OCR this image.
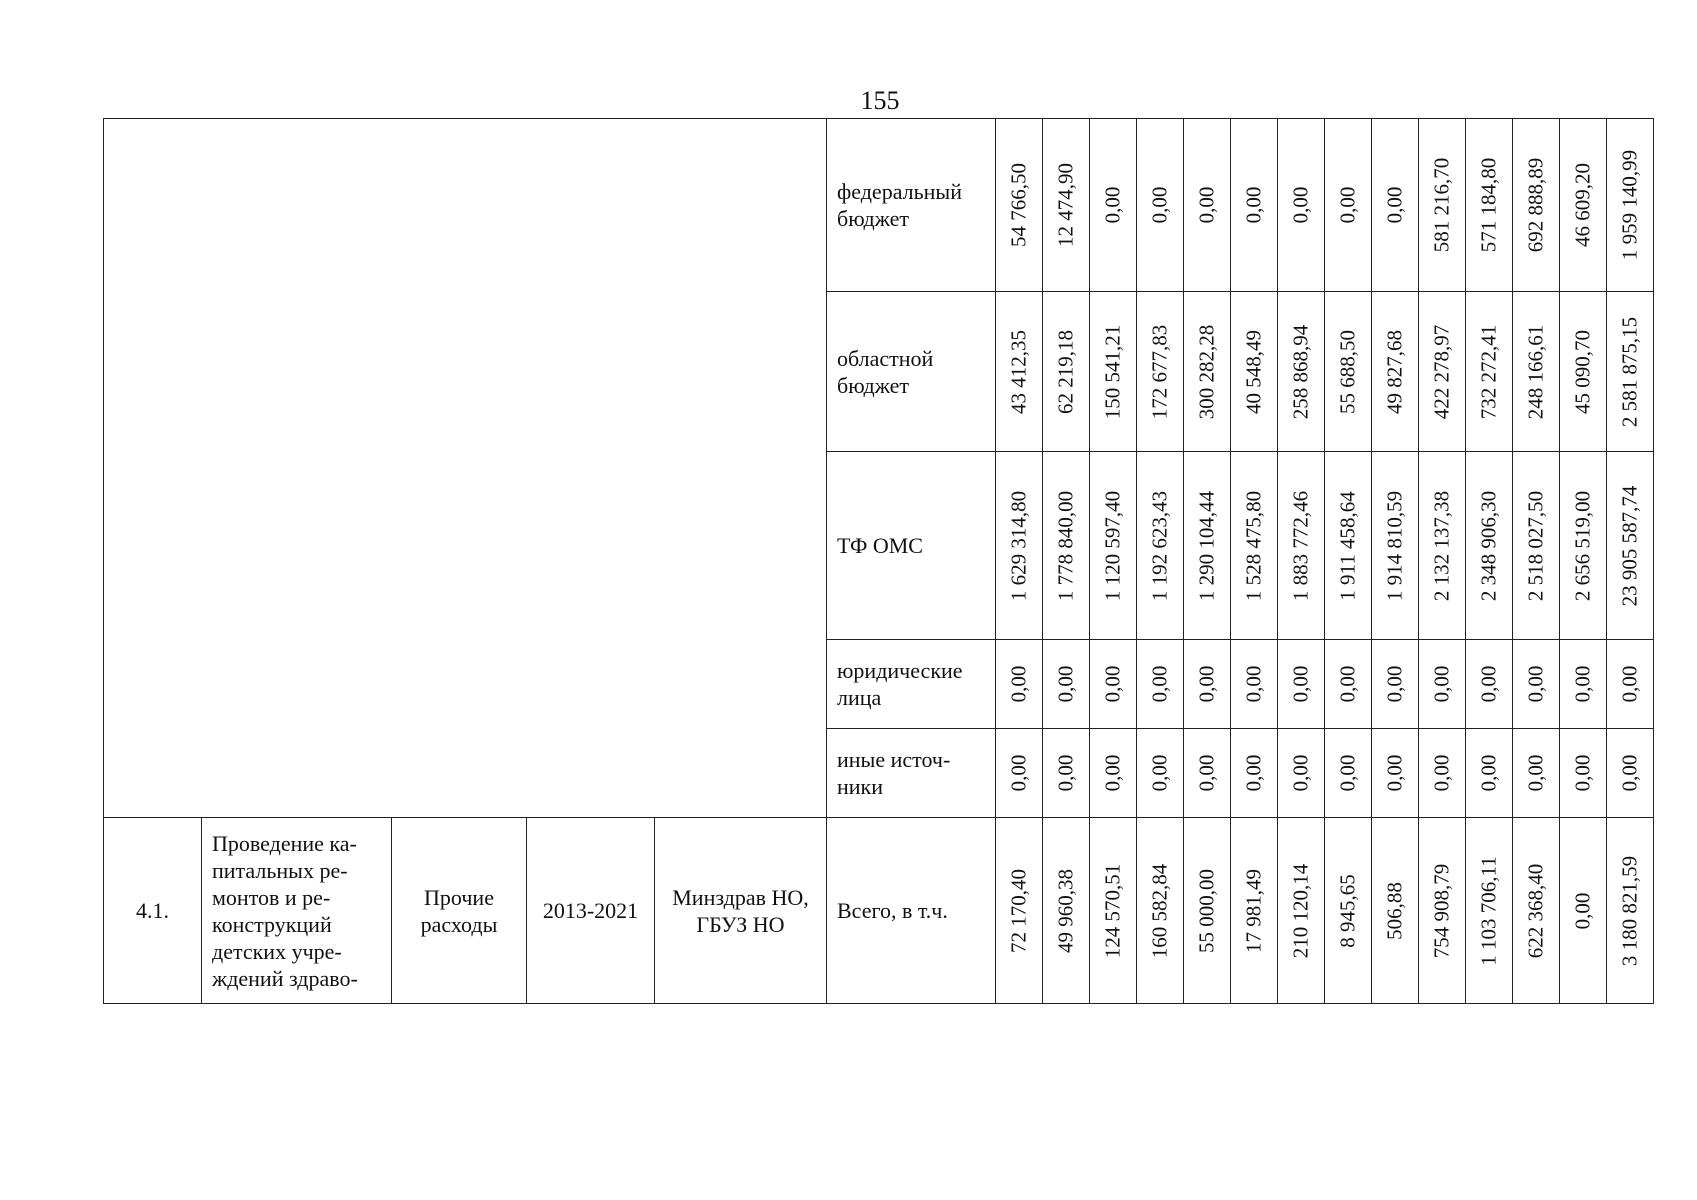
155
					федеральный бюджет	54 766,50	12 474,90	0,00	0,00	0,00	0,00	0,00	0,00	0,00	581 216,70	571 184,80	692 888,89	46 609,20	1 959 140,99

					областной бюджет	43 412,35	62 219,18	150 541,21	172 677,83	300 282,28	40 548,49	258 868,94	55 688,50	49 827,68	422 278,97	732 272,41	248 166,61	45 090,70	2 581 875,15

					ТФ ОМС	1 629 314,80	1 778 840,00	1 120 597,40	1 192 623,43	1 290 104,44	1 528 475,80	1 883 772,46	1 911 458,64	1 914 810,59	2 132 137,38	2 348 906,30	2 518 027,50	2 656 519,00	23 905 587,74

					юридические лица	0,00	0,00	0,00	0,00	0,00	0,00	0,00	0,00	0,00	0,00	0,00	0,00	0,00	0,00

					иные источ-ники	0,00	0,00	0,00	0,00	0,00	0,00	0,00	0,00	0,00	0,00	0,00	0,00	0,00	0,00

4.1.	Проведение ка-питальных ре-монтов и ре-конструкций детских учре-ждений здраво-	Прочие расходы	2013-2021	Минздрав НО, ГБУЗ НО	Всего, в т.ч.	72 170,40	49 960,38	124 570,51	160 582,84	55 000,00	17 981,49	210 120,14	8 945,65	506,88	754 908,79	1 103 706,11	622 368,40	0,00	3 180 821,59
